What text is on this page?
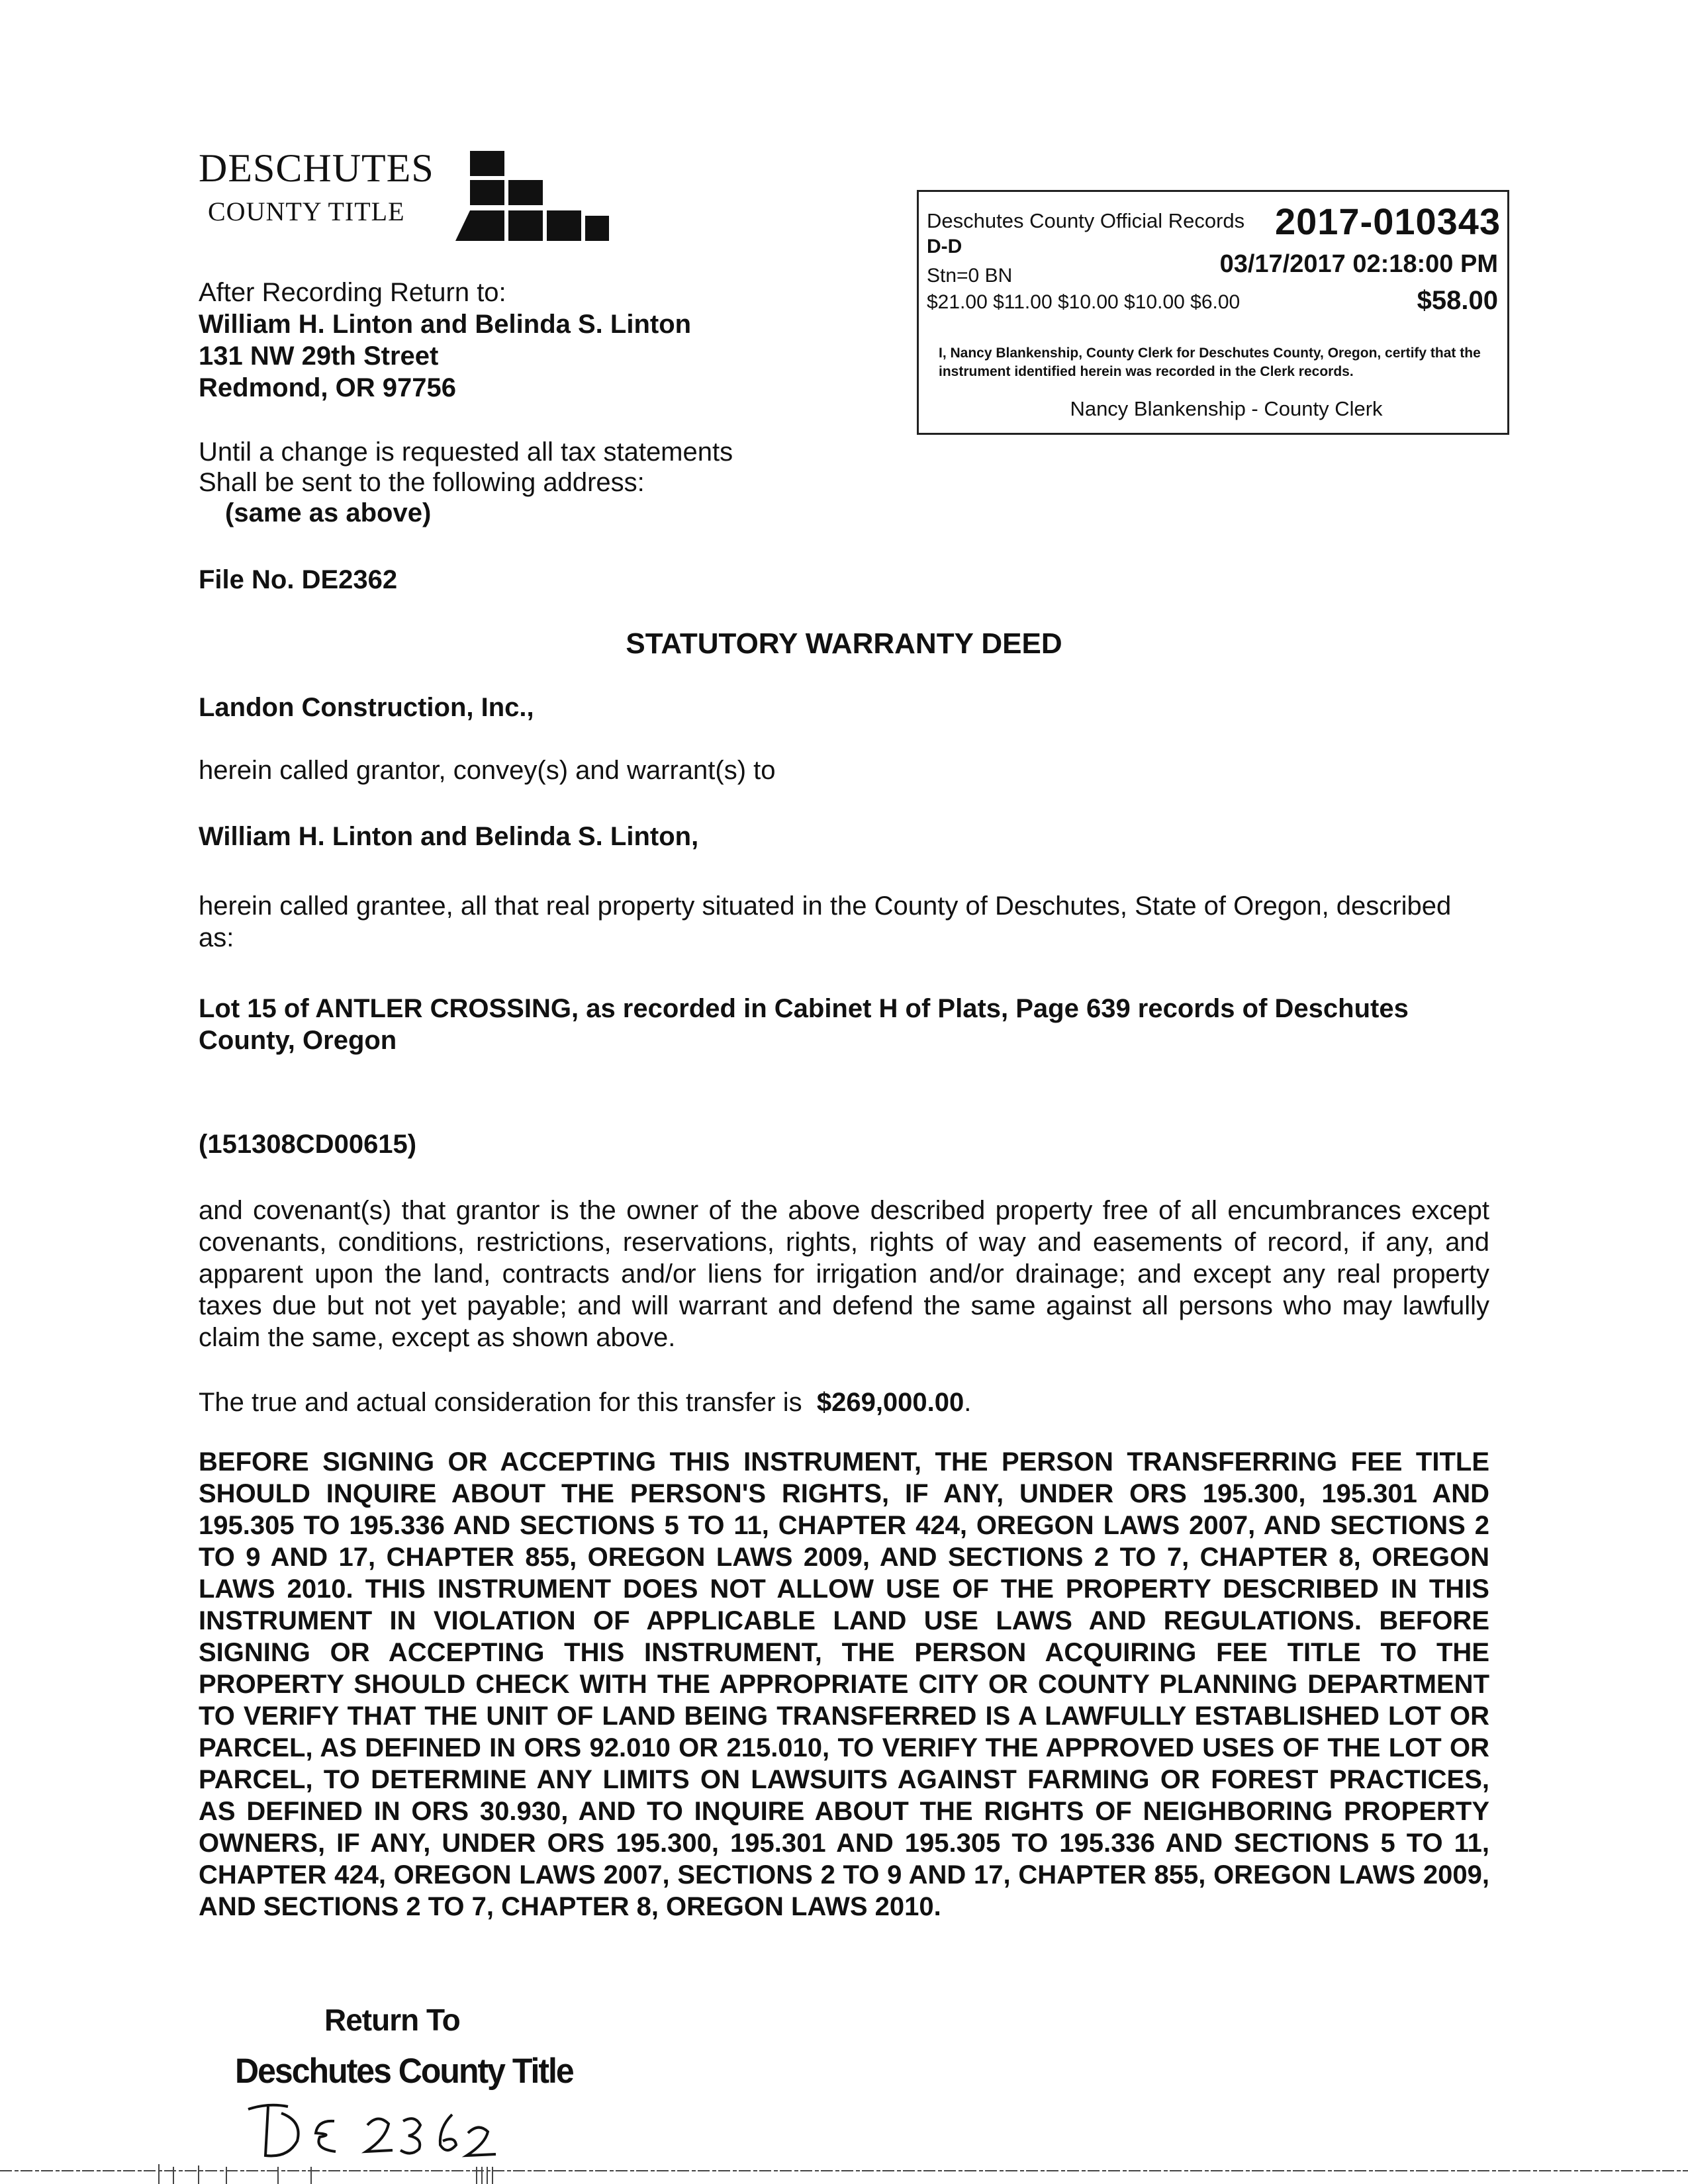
DESCHUTES
COUNTY TITLE
After Recording Return to:
William H. Linton and Belinda S. Linton
131 NW 29th Street
Redmond, OR 97756
Until a change is requested all tax statements
Shall be sent to the following address:
(same as above)
File No. DE2362
Deschutes County Official Records 2017-010343
D-D
Stn=0 BN	03/17/2017 02:18:00 PM
$21.00 $11.00 $10.00 $10.00 $6.00	$58.00
I, Nancy Blankenship, County Clerk for Deschutes County, Oregon, certify that the instrument identified herein was recorded in the Clerk records.
Nancy Blankenship - County Clerk
STATUTORY WARRANTY DEED
Landon Construction, Inc.,
herein called grantor, convey(s) and warrant(s) to
William H. Linton and Belinda S. Linton,
herein called grantee, all that real property situated in the County of Deschutes, State of Oregon, described as:
Lot 15 of ANTLER CROSSING, as recorded in Cabinet H of Plats, Page 639 records of Deschutes County, Oregon
(151308CD00615)
and covenant(s) that grantor is the owner of the above described property free of all encumbrances except covenants, conditions, restrictions, reservations, rights, rights of way and easements of record, if any, and apparent upon the land, contracts and/or liens for irrigation and/or drainage; and except any real property taxes due but not yet payable; and will warrant and defend the same against all persons who may lawfully claim the same, except as shown above.
The true and actual consideration for this transfer is $269,000.00.
BEFORE SIGNING OR ACCEPTING THIS INSTRUMENT, THE PERSON TRANSFERRING FEE TITLE SHOULD INQUIRE ABOUT THE PERSON'S RIGHTS, IF ANY, UNDER ORS 195.300, 195.301 AND 195.305 TO 195.336 AND SECTIONS 5 TO 11, CHAPTER 424, OREGON LAWS 2007, AND SECTIONS 2 TO 9 AND 17, CHAPTER 855, OREGON LAWS 2009, AND SECTIONS 2 TO 7, CHAPTER 8, OREGON LAWS 2010. THIS INSTRUMENT DOES NOT ALLOW USE OF THE PROPERTY DESCRIBED IN THIS INSTRUMENT IN VIOLATION OF APPLICABLE LAND USE LAWS AND REGULATIONS. BEFORE SIGNING OR ACCEPTING THIS INSTRUMENT, THE PERSON ACQUIRING FEE TITLE TO THE PROPERTY SHOULD CHECK WITH THE APPROPRIATE CITY OR COUNTY PLANNING DEPARTMENT TO VERIFY THAT THE UNIT OF LAND BEING TRANSFERRED IS A LAWFULLY ESTABLISHED LOT OR PARCEL, AS DEFINED IN ORS 92.010 OR 215.010, TO VERIFY THE APPROVED USES OF THE LOT OR PARCEL, TO DETERMINE ANY LIMITS ON LAWSUITS AGAINST FARMING OR FOREST PRACTICES, AS DEFINED IN ORS 30.930, AND TO INQUIRE ABOUT THE RIGHTS OF NEIGHBORING PROPERTY OWNERS, IF ANY, UNDER ORS 195.300, 195.301 AND 195.305 TO 195.336 AND SECTIONS 5 TO 11, CHAPTER 424, OREGON LAWS 2007, SECTIONS 2 TO 9 AND 17, CHAPTER 855, OREGON LAWS 2009, AND SECTIONS 2 TO 7, CHAPTER 8, OREGON LAWS 2010.
Return To
Deschutes County Title
